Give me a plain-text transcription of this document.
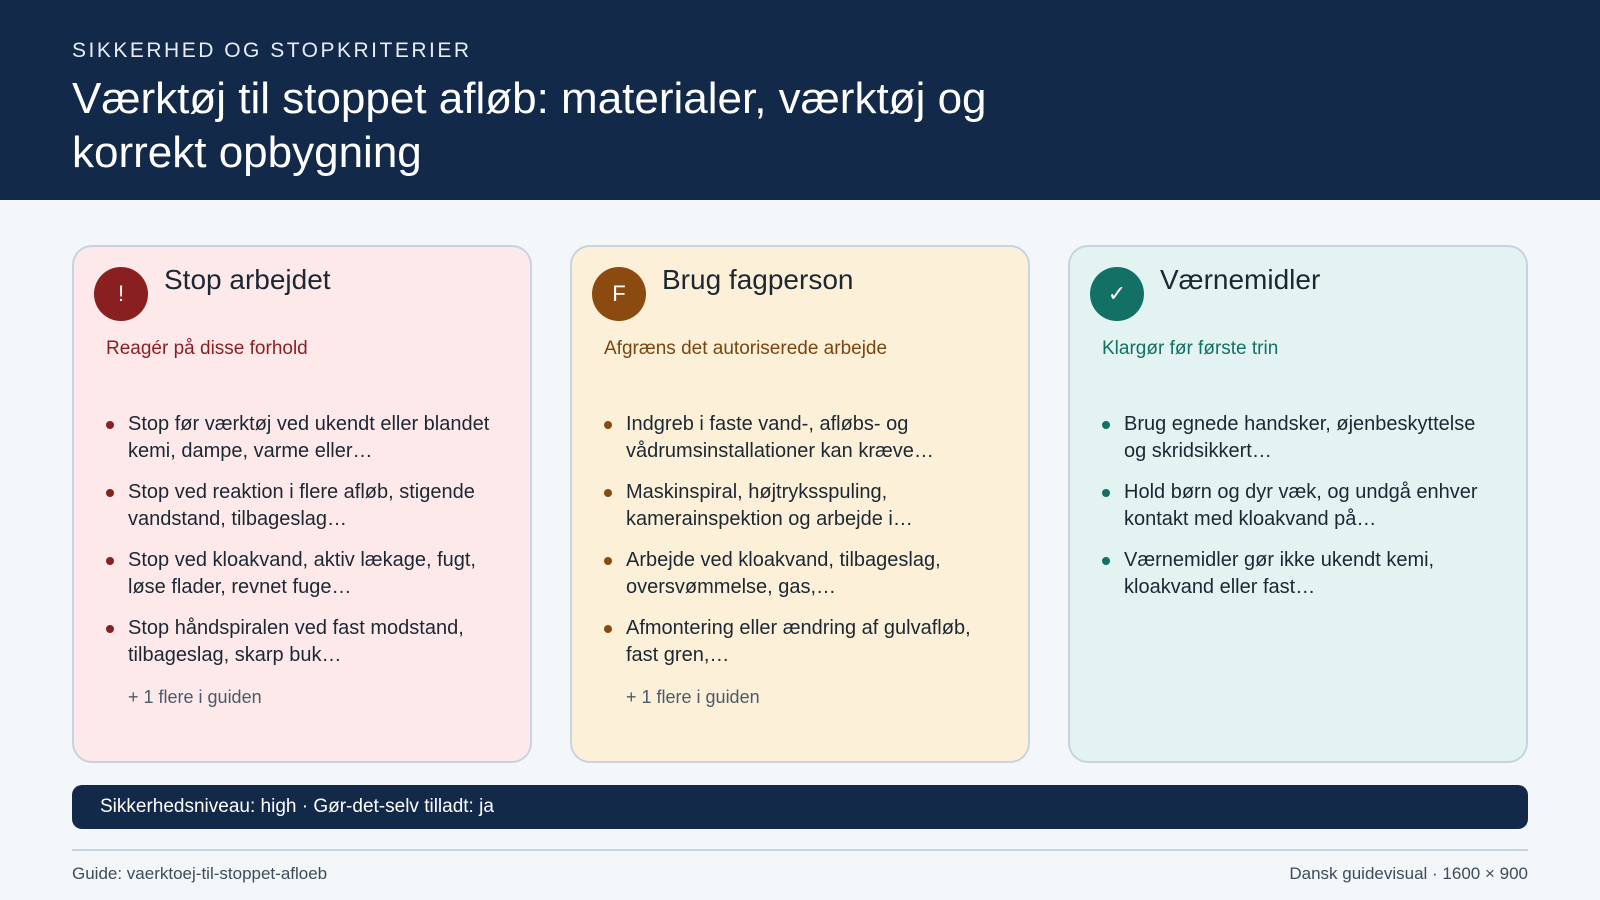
SIKKERHED OG STOPKRITERIER
Værktøj til stoppet afløb: materialer, værktøj og korrekt opbygning
!	Stop arbejdet
Reagér på disse forhold
Stop før værktøj ved ukendt eller blandet kemi, dampe, varme eller…
Stop ved reaktion i flere afløb, stigende vandstand, tilbageslag…
Stop ved kloakvand, aktiv lækage, fugt, løse flader, revnet fuge…
Stop håndspiralen ved fast modstand, tilbageslag, skarp buk…
+ 1 flere i guiden
F	Brug fagperson
Afgræns det autoriserede arbejde
Indgreb i faste vand-, afløbs- og vådrumsinstallationer kan kræve…
Maskinspiral, højtryksspuling, kamerainspektion og arbejde i…
Arbejde ved kloakvand, tilbageslag, oversvømmelse, gas,…
Afmontering eller ændring af gulvafløb, fast gren,…
+ 1 flere i guiden
✓	Værnemidler
Klargør før første trin
Brug egnede handsker, øjenbeskyttelse og skridsikkert…
Hold børn og dyr væk, og undgå enhver kontakt med kloakvand på…
Værnemidler gør ikke ukendt kemi, kloakvand eller fast…
Sikkerhedsniveau: high · Gør-det-selv tilladt: ja
Guide: vaerktoej-til-stoppet-afloeb	Dansk guidevisual · 1600 × 900
